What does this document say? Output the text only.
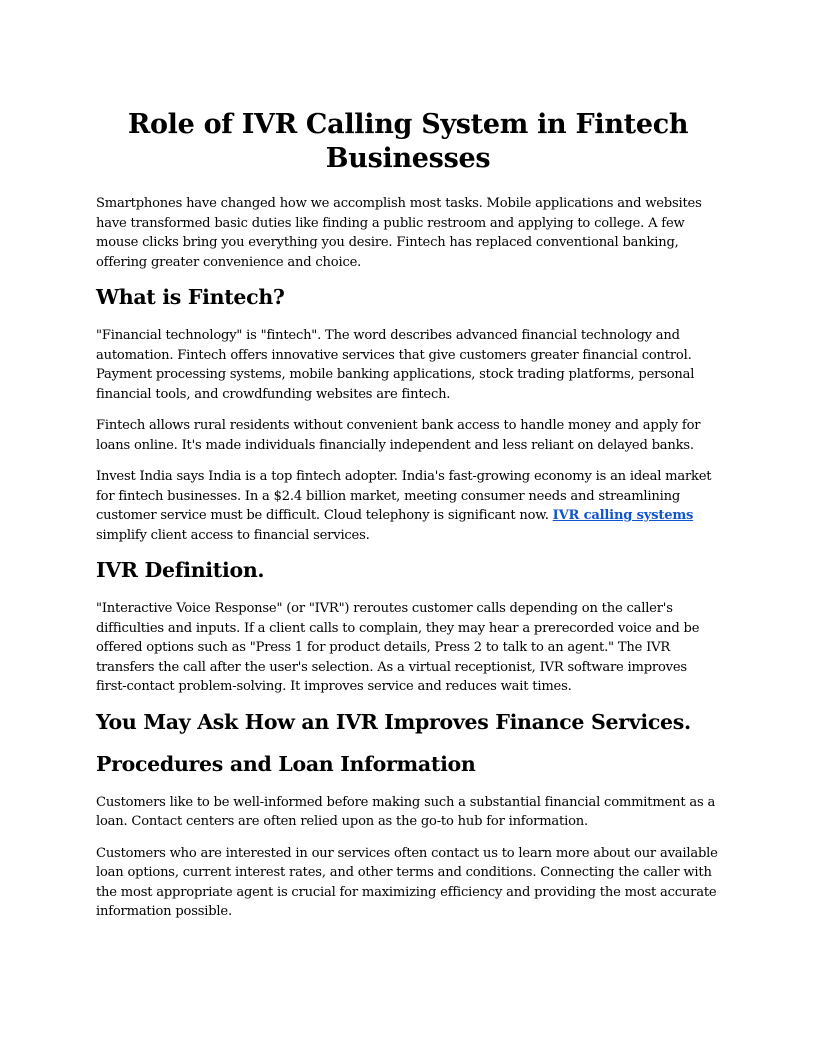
Role of IVR Calling System in Fintech Businesses

Smartphones have changed how we accomplish most tasks. Mobile applications and websites have transformed basic duties like finding a public restroom and applying to college. A few mouse clicks bring you everything you desire. Fintech has replaced conventional banking, offering greater convenience and choice.

What is Fintech?

"Financial technology" is "fintech". The word describes advanced financial technology and automation. Fintech offers innovative services that give customers greater financial control. Payment processing systems, mobile banking applications, stock trading platforms, personal financial tools, and crowdfunding websites are fintech.

Fintech allows rural residents without convenient bank access to handle money and apply for loans online. It's made individuals financially independent and less reliant on delayed banks.

Invest India says India is a top fintech adopter. India's fast-growing economy is an ideal market for fintech businesses. In a $2.4 billion market, meeting consumer needs and streamlining customer service must be difficult. Cloud telephony is significant now. IVR calling systems simplify client access to financial services.

IVR Definition.

"Interactive Voice Response" (or "IVR") reroutes customer calls depending on the caller's difficulties and inputs. If a client calls to complain, they may hear a prerecorded voice and be offered options such as "Press 1 for product details, Press 2 to talk to an agent." The IVR transfers the call after the user's selection. As a virtual receptionist, IVR software improves first-contact problem-solving. It improves service and reduces wait times.

You May Ask How an IVR Improves Finance Services.
Procedures and Loan Information

Customers like to be well-informed before making such a substantial financial commitment as a loan. Contact centers are often relied upon as the go-to hub for information.

Customers who are interested in our services often contact us to learn more about our available loan options, current interest rates, and other terms and conditions. Connecting the caller with the most appropriate agent is crucial for maximizing efficiency and providing the most accurate information possible.
